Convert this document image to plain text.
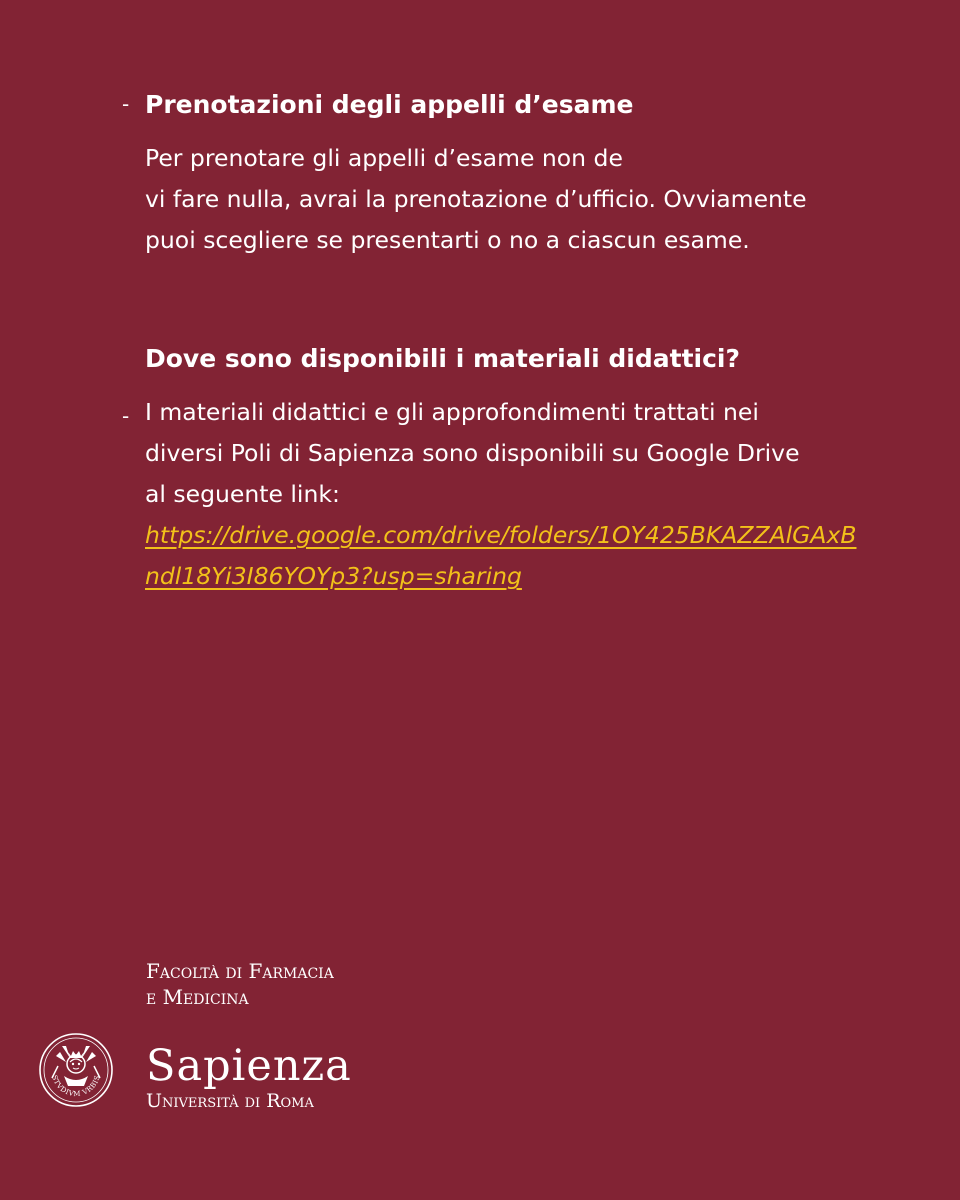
- Prenotazioni degli appelli d’esame
Per prenotare gli appelli d’esame non de
vi fare nulla, avrai la prenotazione d’ufficio. Ovviamente
puoi scegliere se presentarti o no a ciascun esame.
Dove sono disponibili i materiali didattici?
- I materiali didattici e gli approfondimenti trattati nei
diversi Poli di Sapienza sono disponibili su Google Drive
al seguente link:
https://drive.google.com/drive/folders/1OY425BKAZZAlGAxB
ndl18Yi3I86YOYp3?usp=sharing
Facoltà di Farmacia
e Medicina
STVDIVM VRBIS Sapienza
Università di Roma
